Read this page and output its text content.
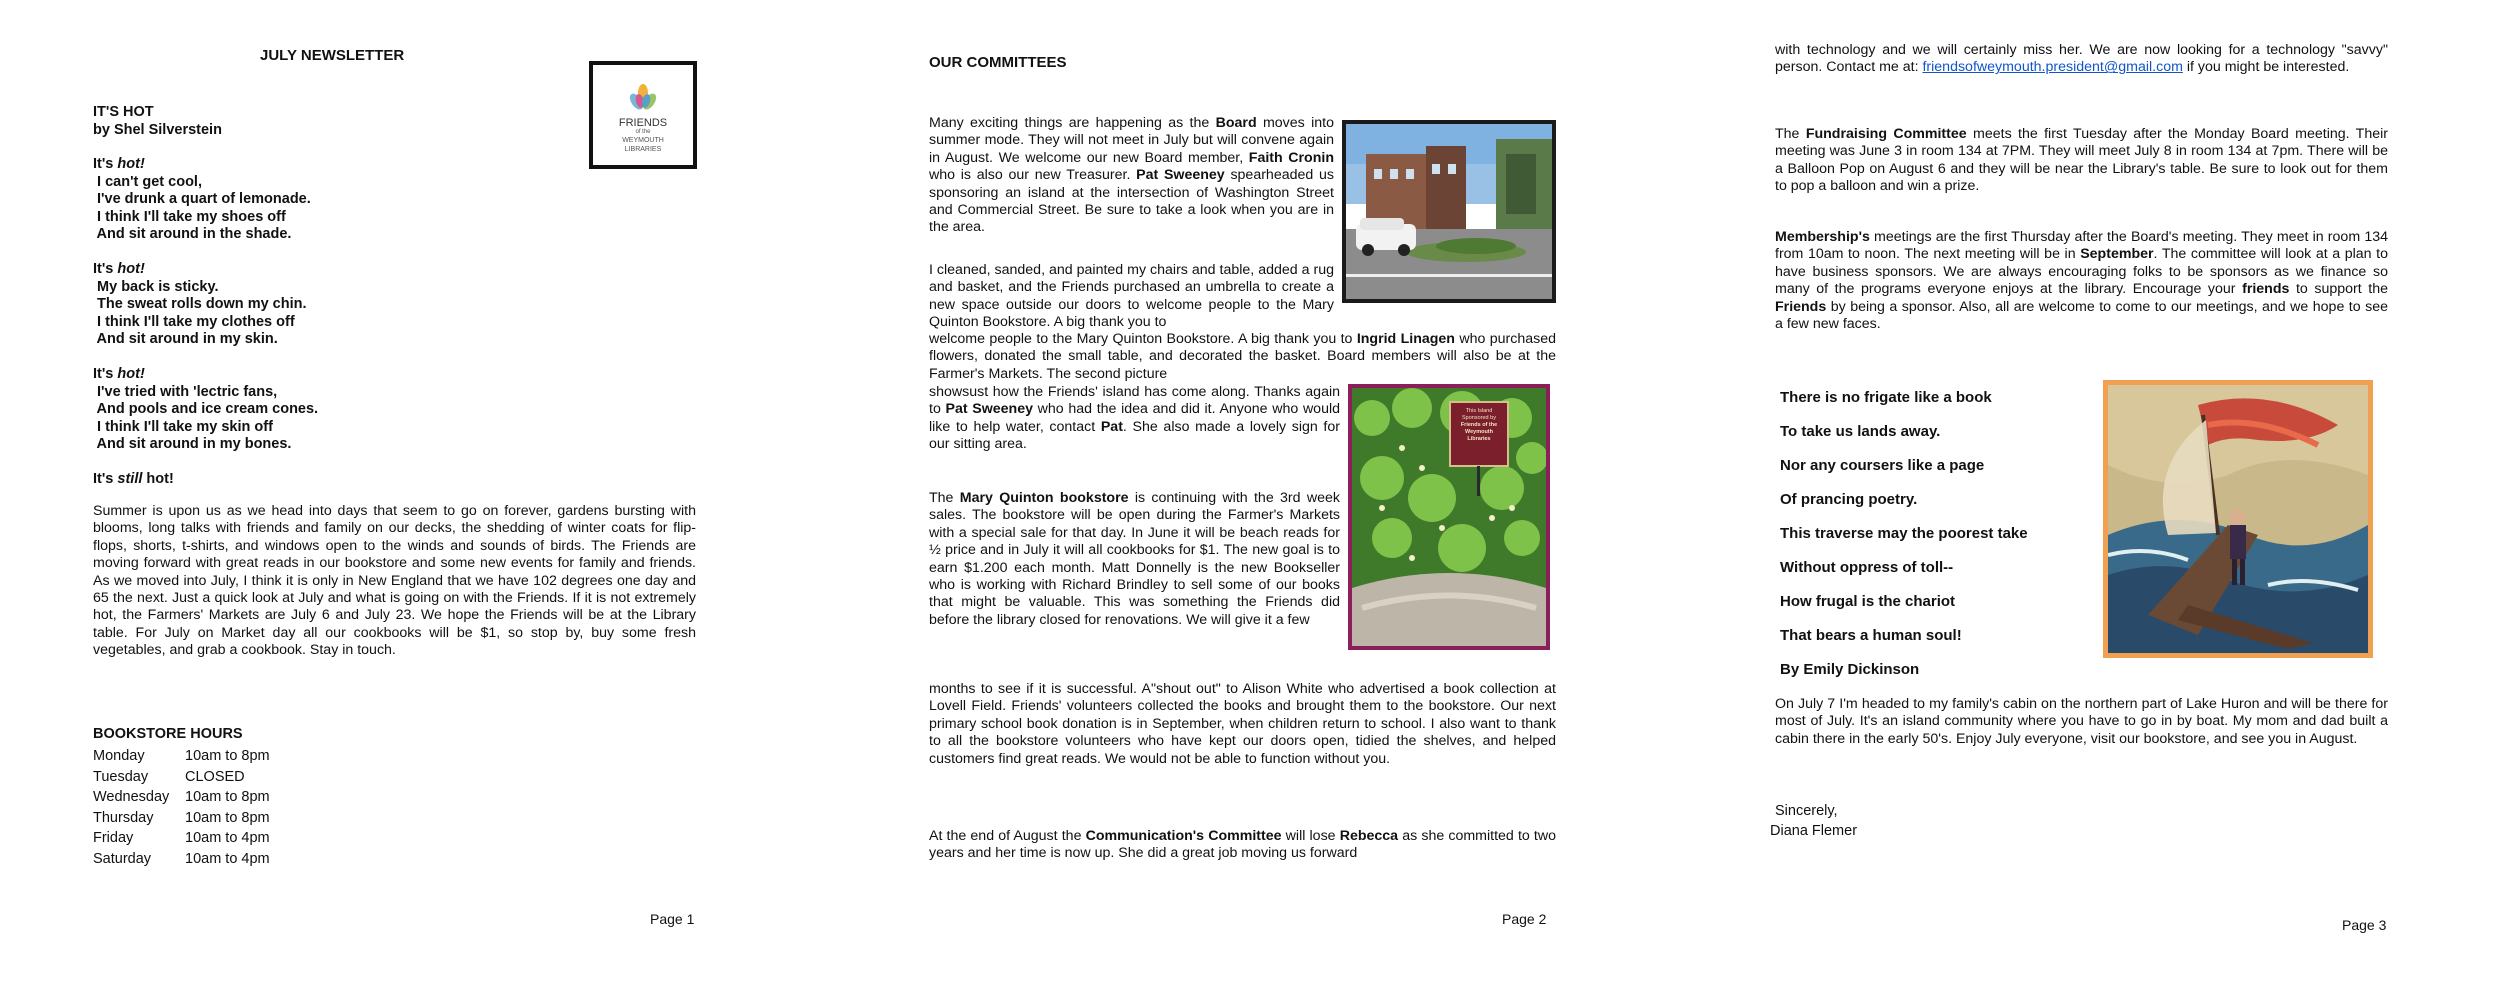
JULY NEWSLETTER
FRIENDS
of the
WEYMOUTH
LIBRARIES
IT'S HOT
by Shel Silverstein
It's hot!
I can't get cool,
I've drunk a quart of lemonade.
I think I'll take my shoes off
And sit around in the shade.
It's hot!
My back is sticky.
The sweat rolls down my chin.
I think I'll take my clothes off
And sit around in my skin.
It's hot!
I've tried with 'lectric fans,
And pools and ice cream cones.
I think I'll take my skin off
And sit around in my bones.
It's still hot!
Summer is upon us as we head into days that seem to go on forever, gardens bursting with blooms, long talks with friends and family on our decks, the shedding of winter coats for flip-flops, shorts, t-shirts, and windows open to the winds and sounds of birds. The Friends are moving forward with great reads in our bookstore and some new events for family and friends. As we moved into July, I think it is only in New England that we have 102 degrees one day and 65 the next. Just a quick look at July and what is going on with the Friends. If it is not extremely hot, the Farmers' Markets are July 6 and July 23. We hope the Friends will be at the Library table. For July on Market day all our cookbooks will be $1, so stop by, buy some fresh vegetables, and grab a cookbook. Stay in touch.
BOOKSTORE HOURS
Monday	10am to 8pm
Tuesday	CLOSED
Wednesday	10am to 8pm
Thursday	10am to 8pm
Friday	10am to 4pm
Saturday	10am to 4pm
Page 1
OUR COMMITTEES
Many exciting things are happening as the Board moves into summer mode. They will not meet in July but will convene again in August. We welcome our new Board member, Faith Cronin who is also our new Treasurer. Pat Sweeney spearheaded us sponsoring an island at the intersection of Washington Street and Commercial Street. Be sure to take a look when you are in the area.
I cleaned, sanded, and painted my chairs and table, added a rug and basket, and the Friends purchased an umbrella to create a new space outside our doors to welcome people to the Mary Quinton Bookstore. A big thank you to
This Island
Sponsored by
Friends of the
Weymouth
Libraries
welcome people to the Mary Quinton Bookstore. A big thank you to Ingrid Linagen who purchased flowers, donated the small table, and decorated the basket. Board members will also be at the Farmer's Markets. The second picture
showsust how the Friends' island has come along. Thanks again to Pat Sweeney who had the idea and did it. Anyone who would like to help water, contact Pat. She also made a lovely sign for our sitting area.
The Mary Quinton bookstore is continuing with the 3rd week sales. The bookstore will be open during the Farmer's Markets with a special sale for that day. In June it will be beach reads for ½ price and in July it will all cookbooks for $1. The new goal is to earn $1.200 each month. Matt Donnelly is the new Bookseller who is working with Richard Brindley to sell some of our books that might be valuable. This was something the Friends did before the library closed for renovations. We will give it a few
months to see if it is successful. A"shout out" to Alison White who advertised a book collection at Lovell Field. Friends' volunteers collected the books and brought them to the bookstore. Our next primary school book donation is in September, when children return to school. I also want to thank to all the bookstore volunteers who have kept our doors open, tidied the shelves, and helped customers find great reads. We would not be able to function without you.
At the end of August the Communication's Committee will lose Rebecca as she committed to two years and her time is now up. She did a great job moving us forward
Page 2
with technology and we will certainly miss her. We are now looking for a technology "savvy" person. Contact me at: friendsofweymouth.president@gmail.com if you might be interested.
The Fundraising Committee meets the first Tuesday after the Monday Board meeting. Their meeting was June 3 in room 134 at 7PM. They will meet July 8 in room 134 at 7pm. There will be a Balloon Pop on August 6 and they will be near the Library's table. Be sure to look out for them to pop a balloon and win a prize.
Membership's meetings are the first Thursday after the Board's meeting. They meet in room 134 from 10am to noon. The next meeting will be in September. The committee will look at a plan to have business sponsors. We are always encouraging folks to be sponsors as we finance so many of the programs everyone enjoys at the library. Encourage your friends to support the Friends by being a sponsor. Also, all are welcome to come to our meetings, and we hope to see a few new faces.
There is no frigate like a book
To take us lands away.
Nor any coursers like a page
Of prancing poetry.
This traverse may the poorest take
Without oppress of toll--
How frugal is the chariot
That bears a human soul!
By Emily Dickinson
On July 7 I'm headed to my family's cabin on the northern part of Lake Huron and will be there for most of July. It's an island community where you have to go in by boat. My mom and dad built a cabin there in the early 50's. Enjoy July everyone, visit our bookstore, and see you in August.
Sincerely,
Diana Flemer
Page 3
